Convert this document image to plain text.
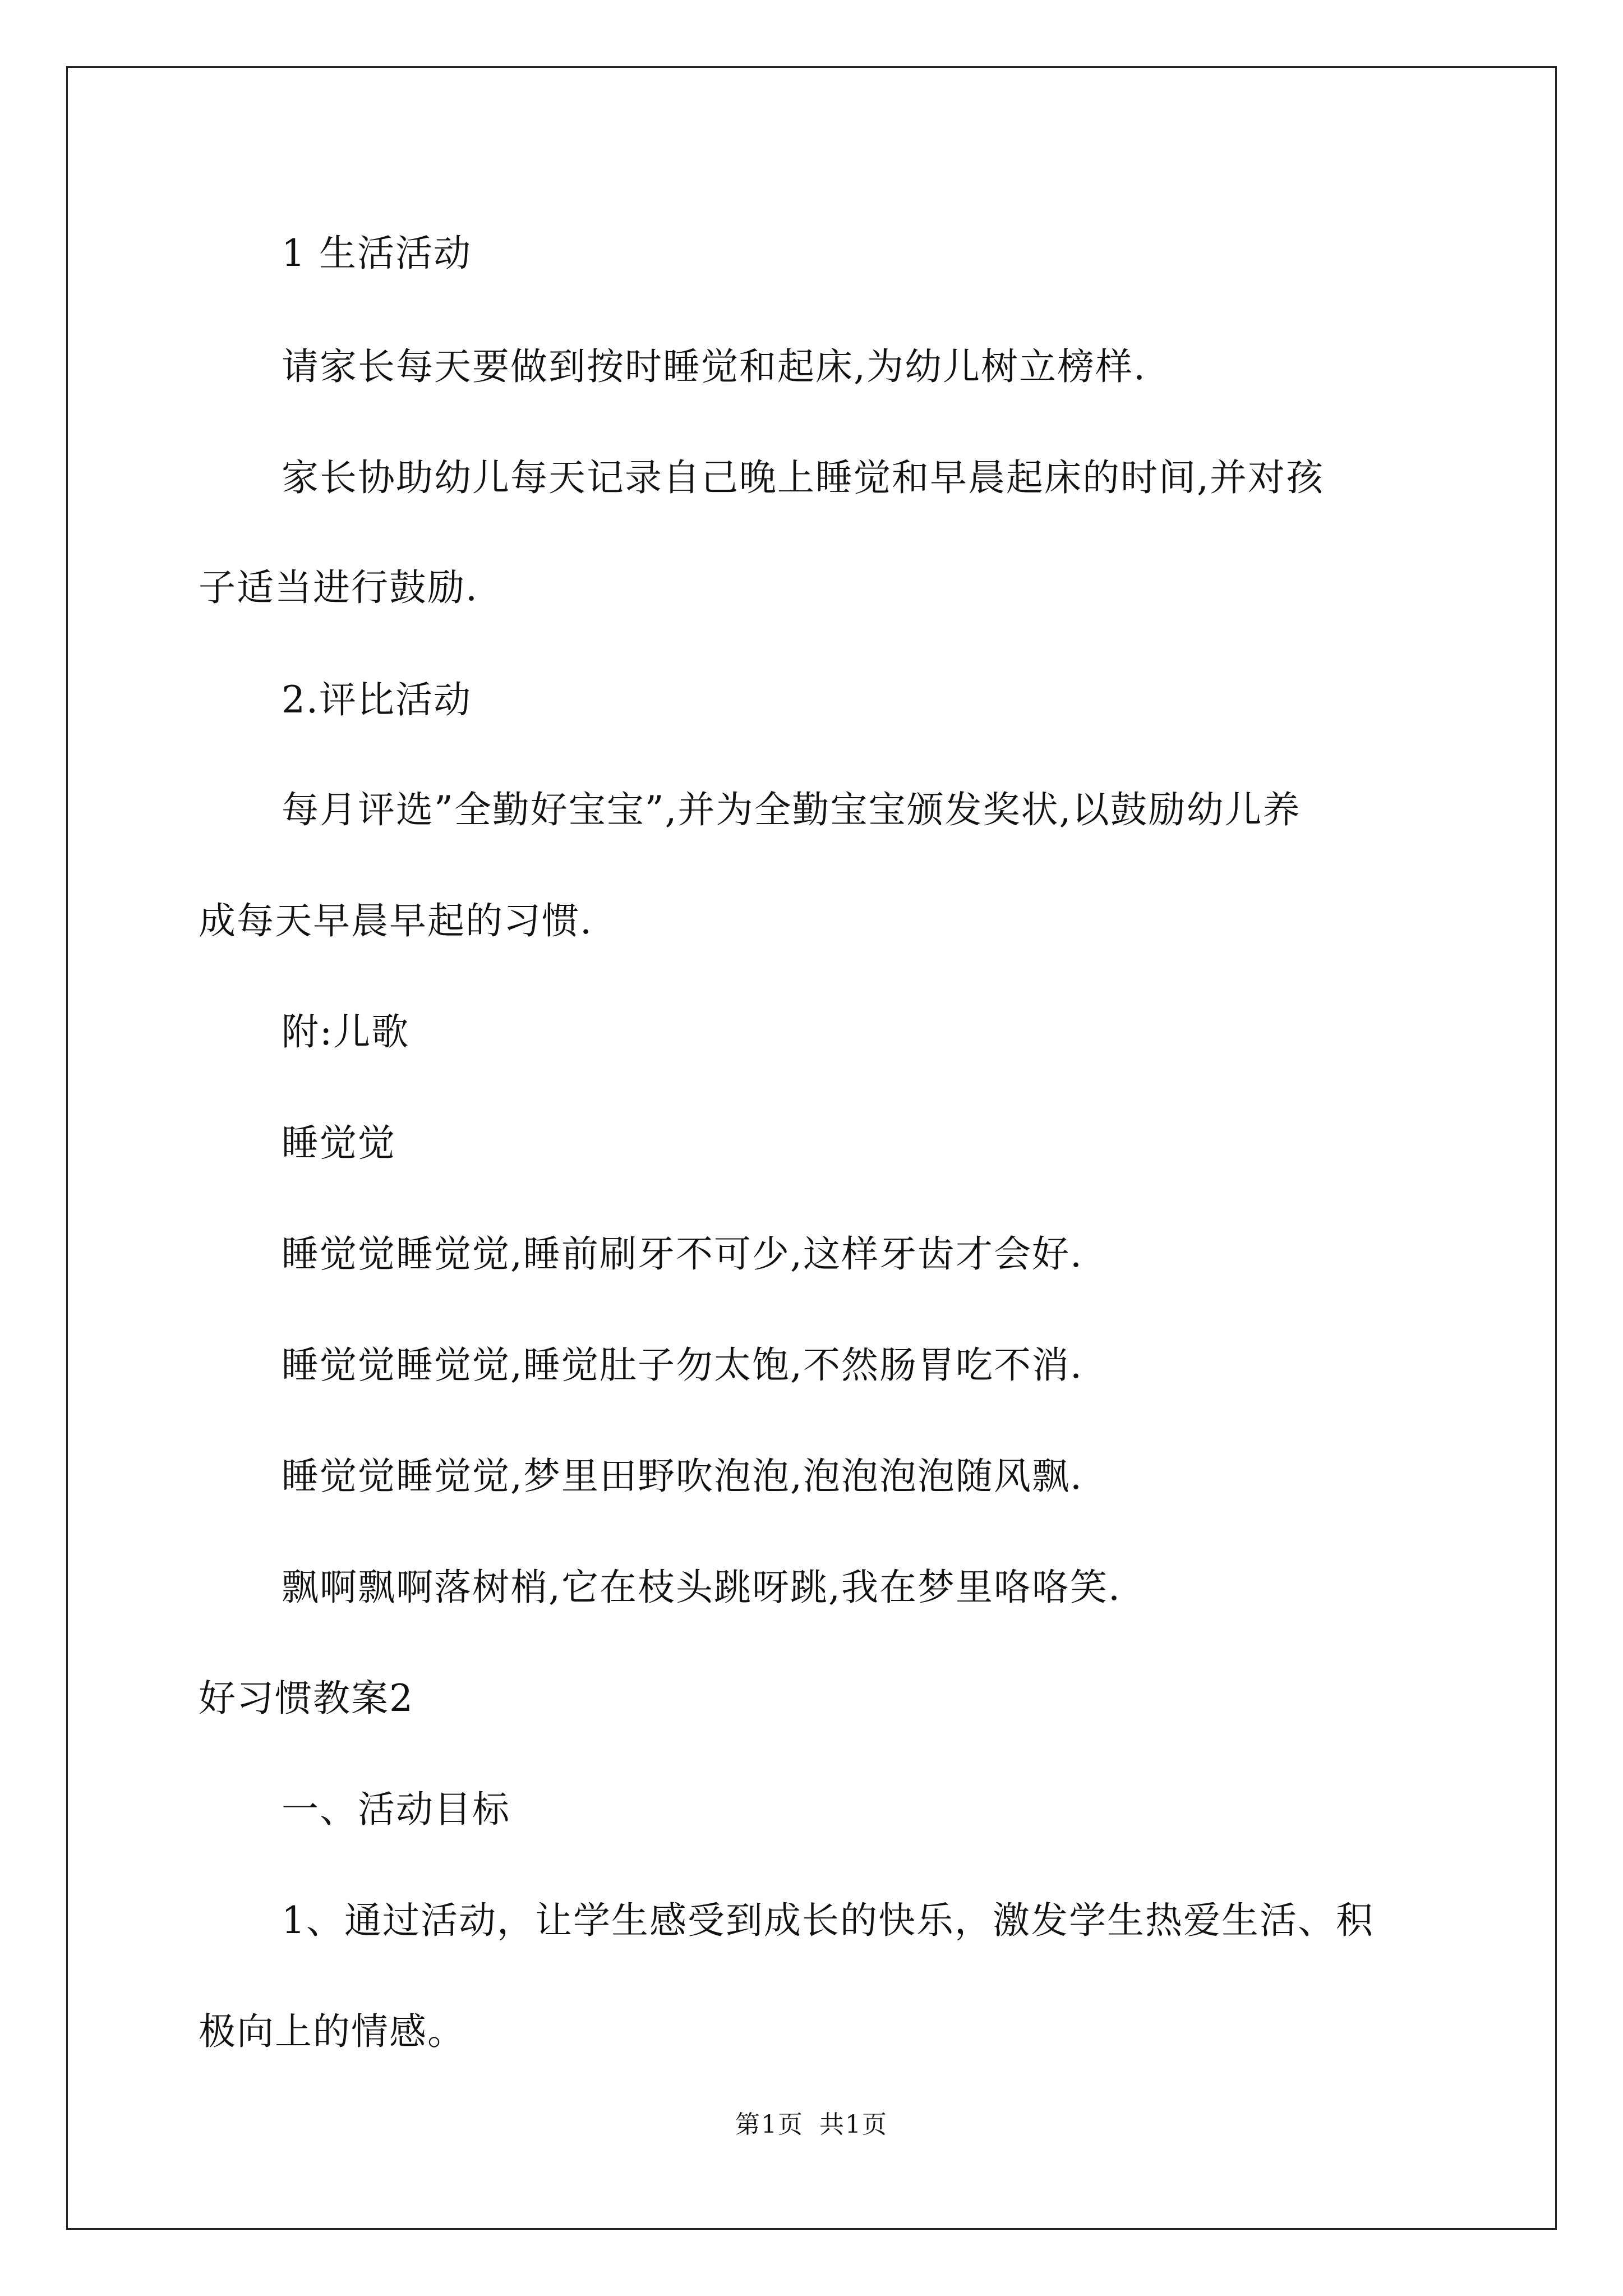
1 生活活动
请家长每天要做到按时睡觉和起床,为幼儿树立榜样.
家长协助幼儿每天记录自己晚上睡觉和早晨起床的时间,并对孩
子适当进行鼓励.
2.评比活动
每月评选”全勤好宝宝”,并为全勤宝宝颁发奖状,以鼓励幼儿养
成每天早晨早起的习惯.
附:儿歌
睡觉觉
睡觉觉睡觉觉,睡前刷牙不可少,这样牙齿才会好.
睡觉觉睡觉觉,睡觉肚子勿太饱,不然肠胃吃不消.
睡觉觉睡觉觉,梦里田野吹泡泡,泡泡泡泡随风飘.
飘啊飘啊落树梢,它在枝头跳呀跳,我在梦里咯咯笑.
好习惯教案2
一、活动目标
1、通过活动，让学生感受到成长的快乐，激发学生热爱生活、积
极向上的情感。
第1页 共1页
